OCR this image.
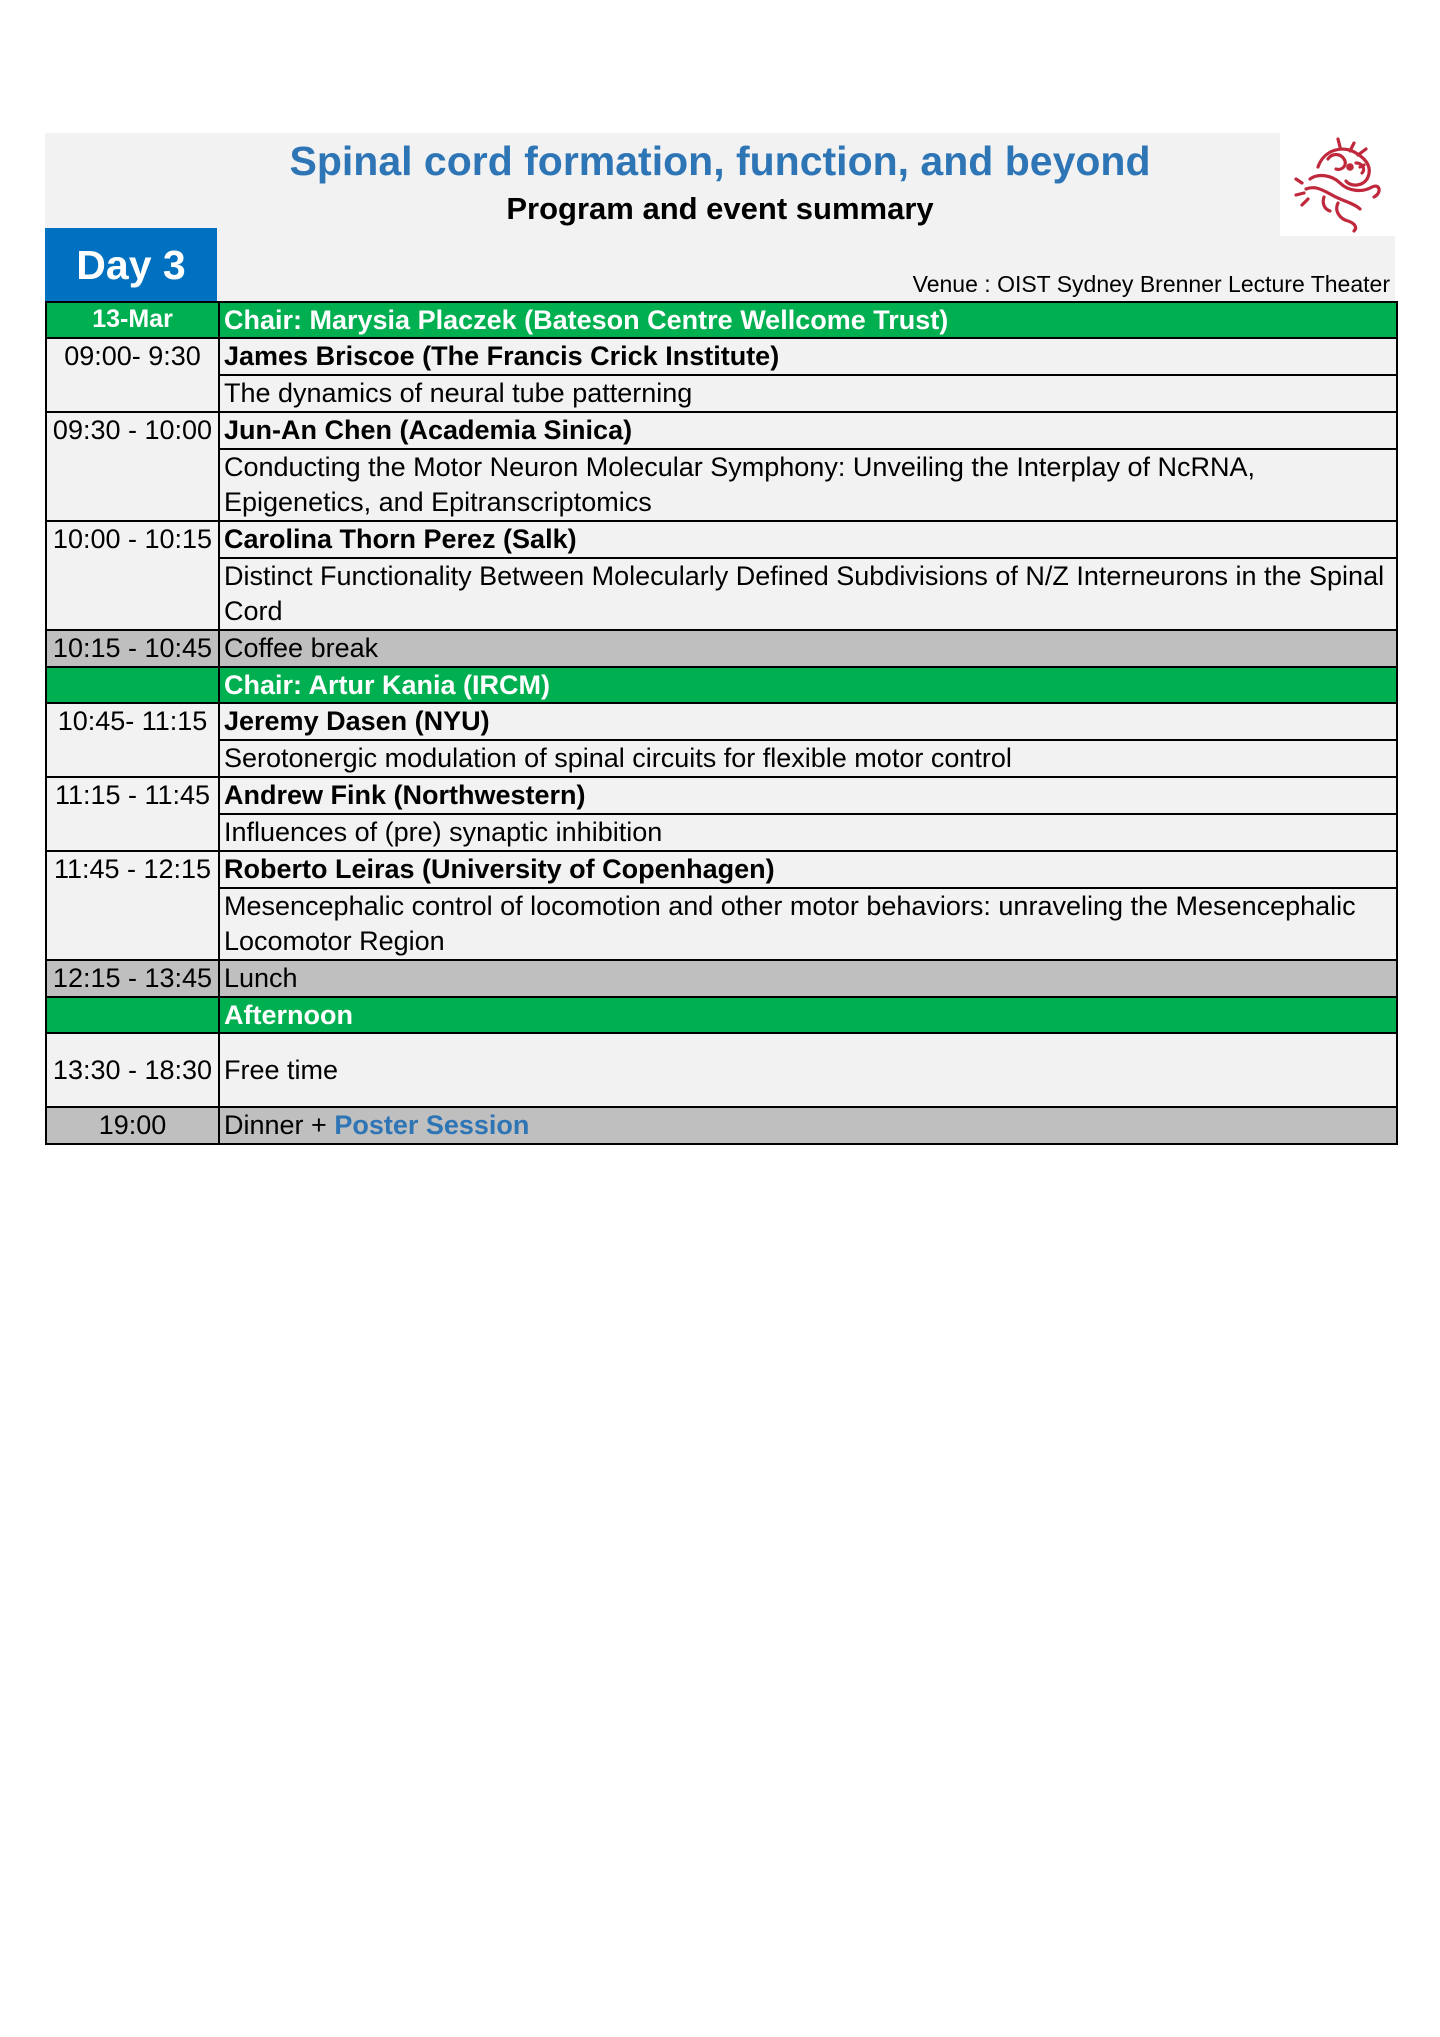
Spinal cord formation, function, and beyond
Program and event summary
Day 3	Venue : OIST Sydney Brenner Lecture Theater
13-Mar	Chair: Marysia Placzek (Bateson Centre Wellcome Trust)
09:00- 9:30	James Briscoe (The Francis Crick Institute)
	The dynamics of neural tube patterning
09:30 - 10:00	Jun-An Chen (Academia Sinica)
	Conducting the Motor Neuron Molecular Symphony: Unveiling the Interplay of NcRNA, Epigenetics, and Epitranscriptomics
10:00 - 10:15	Carolina Thorn Perez (Salk)
	Distinct Functionality Between Molecularly Defined Subdivisions of N/Z Interneurons in the Spinal Cord
10:15 - 10:45	Coffee break
	Chair: Artur Kania (IRCM)
10:45- 11:15	Jeremy Dasen (NYU)
	Serotonergic modulation of spinal circuits for flexible motor control
11:15 - 11:45	Andrew Fink (Northwestern)
	Influences of (pre) synaptic inhibition
11:45 - 12:15	Roberto Leiras (University of Copenhagen)
	Mesencephalic control of locomotion and other motor behaviors: unraveling the Mesencephalic Locomotor Region
12:15 - 13:45	Lunch
	Afternoon
13:30 - 18:30	Free time
19:00	Dinner + Poster Session
